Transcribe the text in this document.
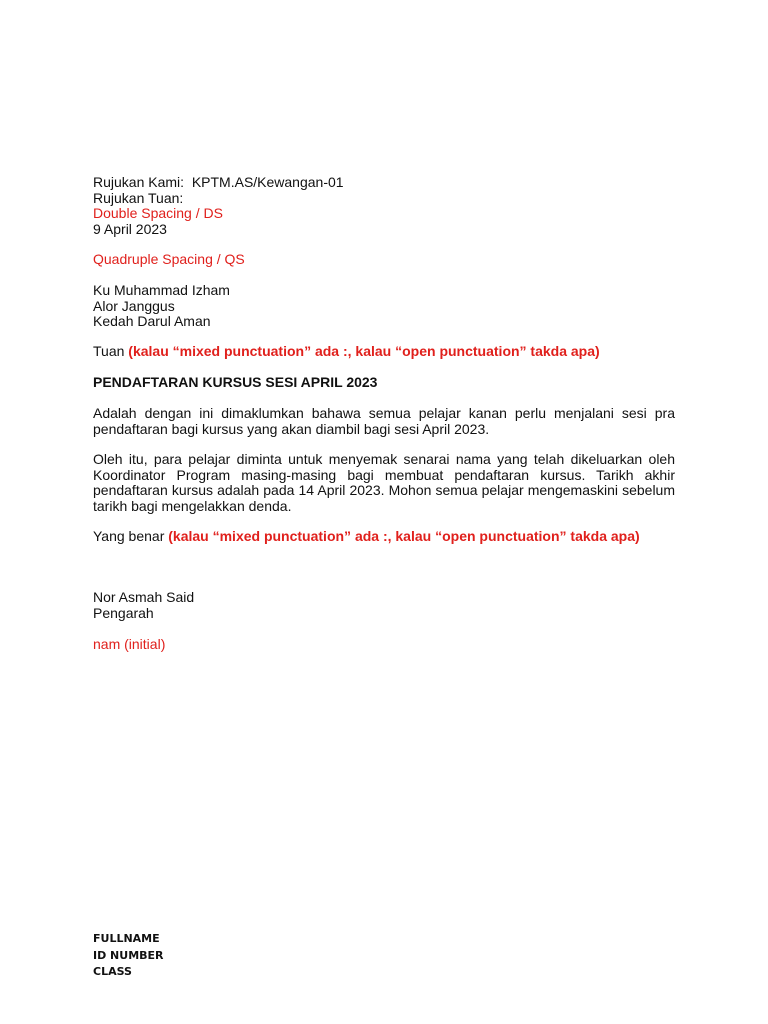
Rujukan Kami:  KPTM.AS/Kewangan-01
Rujukan Tuan:
Double Spacing / DS
9 April 2023
Quadruple Spacing / QS
Ku Muhammad Izham
Alor Janggus
Kedah Darul Aman
Tuan (kalau “mixed punctuation” ada :, kalau “open punctuation” takda apa)
PENDAFTARAN KURSUS SESI APRIL 2023
Adalah dengan ini dimaklumkan bahawa semua pelajar kanan perlu menjalani sesi pra pendaftaran bagi kursus yang akan diambil bagi sesi April 2023.
Oleh itu, para pelajar diminta untuk menyemak senarai nama yang telah dikeluarkan oleh Koordinator Program masing-masing bagi membuat pendaftaran kursus. Tarikh akhir pendaftaran kursus adalah pada 14 April 2023. Mohon semua pelajar mengemaskini sebelum tarikh bagi mengelakkan denda.
Yang benar (kalau “mixed punctuation” ada :, kalau “open punctuation” takda apa)
Nor Asmah Said
Pengarah
nam (initial)
FULLNAME
ID NUMBER
CLASS
